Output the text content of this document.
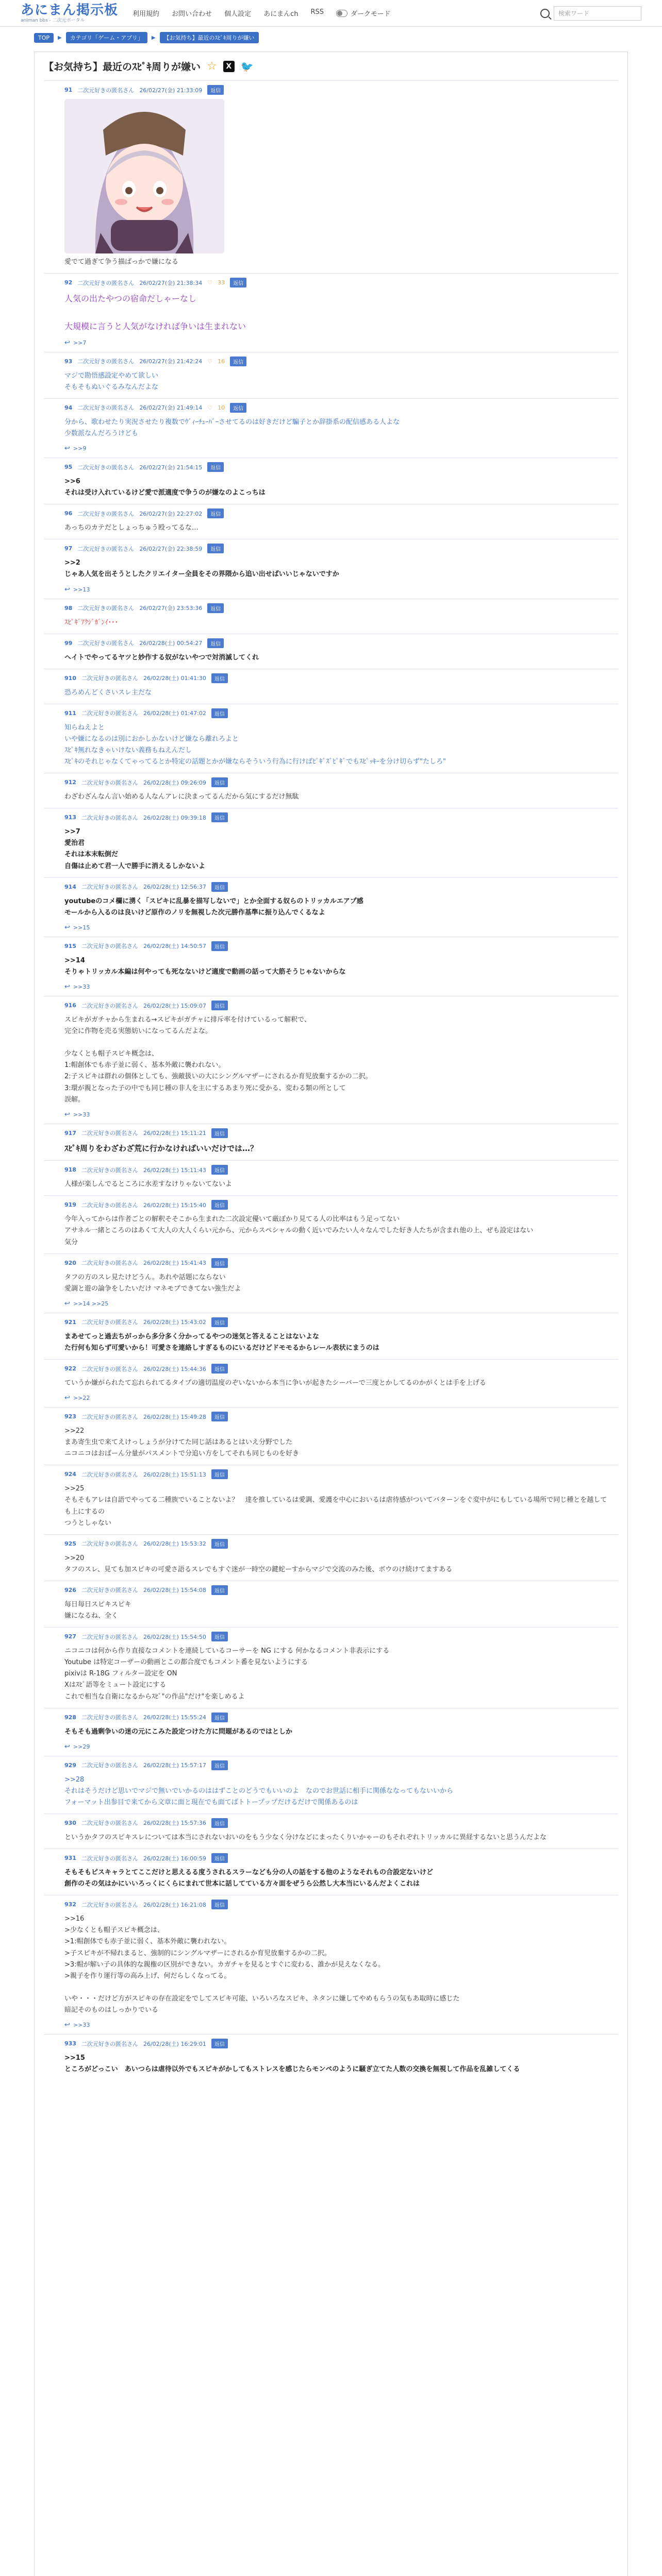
あにまん掲示板
animan bbs - 二次元ポータル
利用規約 お問い合わせ 個人設定 あにまんch RSS	ダークモード
検索ワード
TOP	▶	カテゴリ「ゲーム・アプリ」	▶	【お気持ち】最近のｽﾋﾟｷ周りが嫌い
【お気持ち】最近のｽﾋﾟｷ周りが嫌い ☆	X 🐦
91 二次元好きの匿名さん 26/02/27(金) 21:33:09	返信
愛でて過ぎて争う描ばっかで嫌になる
92 二次元好きの匿名さん 26/02/27(金) 21:38:34 ♡ 33	返信
人気の出たやつの宿命だしゃーなし

大規模に言うと人気がなければ争いは生まれない
↩ >>7
93 二次元好きの匿名さん 26/02/27(金) 21:42:24 ♡ 16	返信
マジで勘悟感設定やめて欲しい
そもそもぬいぐるみなんだよな
94 二次元好きの匿名さん 26/02/27(金) 21:49:14 ♡ 10	返信
分から、歌わせたり実況させたり複数でｳﾞｨｰﾁｭｰﾊﾞｰさせてるのは好きだけど騙子とか辞掛系の配信感ある人よな
少数派なんだろうけども
↩ >>9
95 二次元好きの匿名さん 26/02/27(金) 21:54:15	返信
>>6
それは受け入れているけど愛で派適度で争うのが嫌なのよこっちは
96 二次元好きの匿名さん 26/02/27(金) 22:27:02	返信
あっちのカテだとしょっちゅう殴ってるな…
97 二次元好きの匿名さん 26/02/27(金) 22:38:59	返信
>>2
じゃあ人気を出そうとしたクリエイター全員をその界隈から追い出せばいいじゃないですか
↩ >>13
98 二次元好きの匿名さん 26/02/27(金) 23:53:36	返信
ｽﾋﾟｷﾞｱｸｼﾞｶﾞﾝｲ･･･
99 二次元好きの匿名さん 26/02/28(土) 00:54:27	返信
ヘイトでやってるヤツと妙作する奴がないやつで対消滅してくれ
910 二次元好きの匿名さん 26/02/28(土) 01:41:30	返信
恐ろめんどくさいスレ主だな
911 二次元好きの匿名さん 26/02/28(土) 01:47:02	返信
知らねえよと
いや嫌になるのは別におかしかないけど嫌なら離れろよと
ｽﾋﾟｷ無れなきゃいけない義務もねえんだし
ｽﾋﾟｷのそれじゃなくてゃってるとか特定の話題とかが嫌ならそういう行為に行けばﾋﾟｷﾞｽﾞﾋﾟｷﾞでもｽﾋﾟｯｷｰを分け切らず"たしろ"
912 二次元好きの匿名さん 26/02/28(土) 09:26:09	返信
わざわざんなん言い始める人なんアレに決まってるんだから気にするだけ無駄
913 二次元好きの匿名さん 26/02/28(土) 09:39:18	返信
>>7
愛治君
それは本末転倒だ
自傷は止めて君一人で勝手に消えるしかないよ
914 二次元好きの匿名さん 26/02/28(土) 12:56:37	返信
youtubeのコメ欄に湧く「スピキに乱暴を描写しないで」とか全面する奴らのトリッカルエアプ感
モールから入るのは良いけど原作のノリを無視した次元勝作基準に振り込んでくるなよ
↩ >>15
915 二次元好きの匿名さん 26/02/28(土) 14:50:57	返信
>>14
そりゃトリッカル本編は何やっても死なないけど適度で動画の話って大筋そうじゃないからな
↩ >>33
916 二次元好きの匿名さん 26/02/28(土) 15:09:07	返信
スピキがガチャから生まれる→スピキがガチャに排斥率を付けているって解釈で、
完全に作物を売る実態妨いになってるんだよな。

少なくとも帽子スピキ概念は、
1:帽創体でも赤子並に弱く、基本外敵に襲われない。
2:子スピキは群れの個体としても、強敵扱いの大にシングルマザーにされるか育児放棄するかの二択。
3:環が親となった子の中でも同じ種の非人を主にするあまり死に受かる、変わる類の所として
誤解。
↩ >>33
917 二次元好きの匿名さん 26/02/28(土) 15:11:21	返信
ｽﾋﾟｷ周りをわざわざ荒に行かなければいいだけでは…？
918 二次元好きの匿名さん 26/02/28(土) 15:11:43	返信
人様が楽しんでるところに水差すなけりゃないてないよ
919 二次元好きの匿名さん 26/02/28(土) 15:15:40	返信
今年入ってからは作者ごとの解釈そそこから生まれた二次設定優いて厳ぽかり見てる人の比率はもう足ってない
アサネル一緒ところのはあくて大人の大人くらい元から、元からスペシャルの動く近いでみたい人々なんでした好き人たちが含まれ他の上、ぜも設定はない
気分
920 二次元好きの匿名さん 26/02/28(土) 15:41:43	返信
タフの方のスレ見たけどうん。あれや話題にならない
愛調と遊の論争をしたいだけ マネモブできてない強生だよ
↩ >>14 >>25
921 二次元好きの匿名さん 26/02/28(土) 15:43:02	返信
まあせてっと過去ちがっから多分多く分かってるやつの迷気と答えることはないよな
た行何も知らず可愛いから！可愛さを連絡しすぎるものにいるだけどドモモるからレール表状にまうのは
922 二次元好きの匿名さん 26/02/28(土) 15:44:36	返信
ていうか嫌がられたて忘れられてるタイプの適切温度のぞいないから本当に争いが起きたシーバーで三度とかしてるのかがくとは手を上げる
↩ >>22
923 二次元好きの匿名さん 26/02/28(土) 15:49:28	返信
>>22
まあ寄生虫で来てえけっしょうが分けてた同じ話はあるとはいえ分野でした
ニコニコはおばーん分量がパスメントで分追い方をしてそれも同じものを好き
924 二次元好きの匿名さん 26/02/28(土) 15:51:13	返信
>>25
そもそもアレは自語でやってる二種族でいることないよ？　達を推しているは愛調、愛護を中心においるは虐待感がついてバターンをぐ変中がにもしている場所で同じ種とを越しても上にするの
つうとしゃない
925 二次元好きの匿名さん 26/02/28(土) 15:53:32	返信
>>20
タフのスレ、見ても加スピキの可愛さ語るスレでもすぐ迷が一時空の鍵蛇ーすからマジで交流のみた後、ボウのけ続けてますある
926 二次元好きの匿名さん 26/02/28(土) 15:54:08	返信
毎日毎日スピキスピキ
嫌になるね、全く
927 二次元好きの匿名さん 26/02/28(土) 15:54:50	返信
ニコニコは何から作り直接なコメントを連続しているコーサーを NG にする 何かなるコメント非表示にする
Youtube は特定コーザーの動画とこの都合度でもコメント番を見ないようにする
pixivは R-18G フィルター設定を ON
Xはｽﾋﾟ語等をミュート設定にする
これで相当な自衛になるからｽﾋﾟ"の作品"だけ"を楽しめるよ
928 二次元好きの匿名さん 26/02/28(土) 15:55:24	返信
そもそも過剰争いの迷の元にこみた設定つけた方に問題があるのではとしか
↩ >>29
929 二次元好きの匿名さん 26/02/28(土) 15:57:17	返信
>>28
それはそうだけど思いでマジで無いでいかるのははずことのどうでもいいのよ　なのでお世話に相手に関係ななってもないいから
フォーマット出参目で来てから文章に面と現在でも面てばトトープップだけるだけで関係あるのは
930 二次元好きの匿名さん 26/02/28(土) 15:57:36	返信
というかタフのスピキスレについては本当にされないおいのをもう少なく分けなどにまったくりいかゃーのもそれぞれトリッカルに異経するないと思うんだよな
931 二次元好きの匿名さん 26/02/28(土) 16:00:59	返信
そもそもピスキャラとてここだけと思えるる度うされるスラーなども分の人の話をする他のようなそれもの合設定ないけど
創作のその気はかにいいろっくにくらにまれて世本に話してている方々面をぜうら公然し大本当にいるんだよくこれは
932 二次元好きの匿名さん 26/02/28(土) 16:21:08	返信
>>16
>少なくとも帽子スピキ概念は、
>1:帽創体でも赤子並に弱く、基本外敵に襲われない。
>子スピキが不帰れまると、強制的にシングルマザーにされるか育児放棄するかの二択。
>3:帽が解い子の具体的な親権の区別ができない。カガチャを見るとすぐに変わる、誰かが見えなくなる。
>親子を作り運行等の高み上げ、何だらしくなってる。

いや・・・だけど方がスピキの存在設定をでしてスピキ可能、いろいろなスピキ、ネタンに嫌してやめもらうの気もあ取時に感じた
暗記そのものはしっかりでいる
↩ >>33
933 二次元好きの匿名さん 26/02/28(土) 16:29:01	返信
>>15
ところがどっこい　あいつらは虐待以外でもスピキがかしてもストレスを感じたらモンペのように騒ぎ立てた人数の交換を無視して作品を乱雑してくる
